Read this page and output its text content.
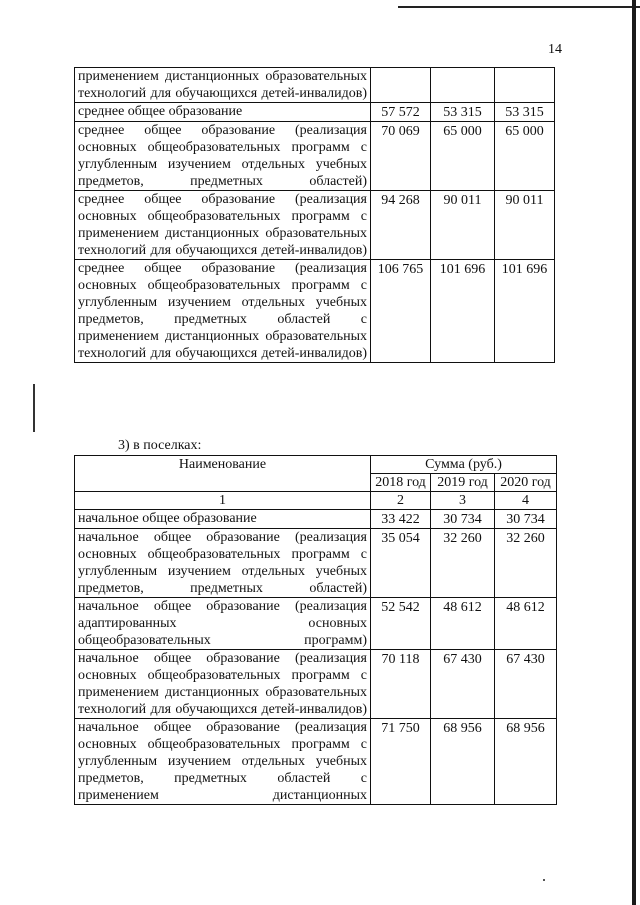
14
применением дистанционных образовательных технологий для обучающихся детей-инвалидов)			
среднее общее образование	57 572	53 315	53 315
среднее общее образование (реализация основных общеобразовательных программ с углубленным изучением отдельных учебных предметов, предметных областей)	70 069	65 000	65 000
среднее общее образование (реализация основных общеобразовательных программ с применением дистанционных образовательных технологий для обучающихся детей-инвалидов)	94 268	90 011	90 011
среднее общее образование (реализация основных общеобразовательных программ с углубленным изучением отдельных учебных предметов, предметных областей с применением дистанционных образовательных технологий для обучающихся детей-инвалидов)	106 765	101 696	101 696
3) в поселках:
Наименование	Сумма (руб.)		
	2018 год	2019 год	2020 год
1	2	3	4
начальное общее образование	33 422	30 734	30 734
начальное общее образование (реализация основных общеобразовательных программ с углубленным изучением отдельных учебных предметов, предметных областей)	35 054	32 260	32 260
начальное общее образование (реализация адаптированных основных общеобразовательных программ)	52 542	48 612	48 612
начальное общее образование (реализация основных общеобразовательных программ с применением дистанционных образовательных технологий для обучающихся детей-инвалидов)	70 118	67 430	67 430
начальное общее образование (реализация основных общеобразовательных программ с углубленным изучением отдельных учебных предметов, предметных областей с применением дистанционных	71 750	68 956	68 956
